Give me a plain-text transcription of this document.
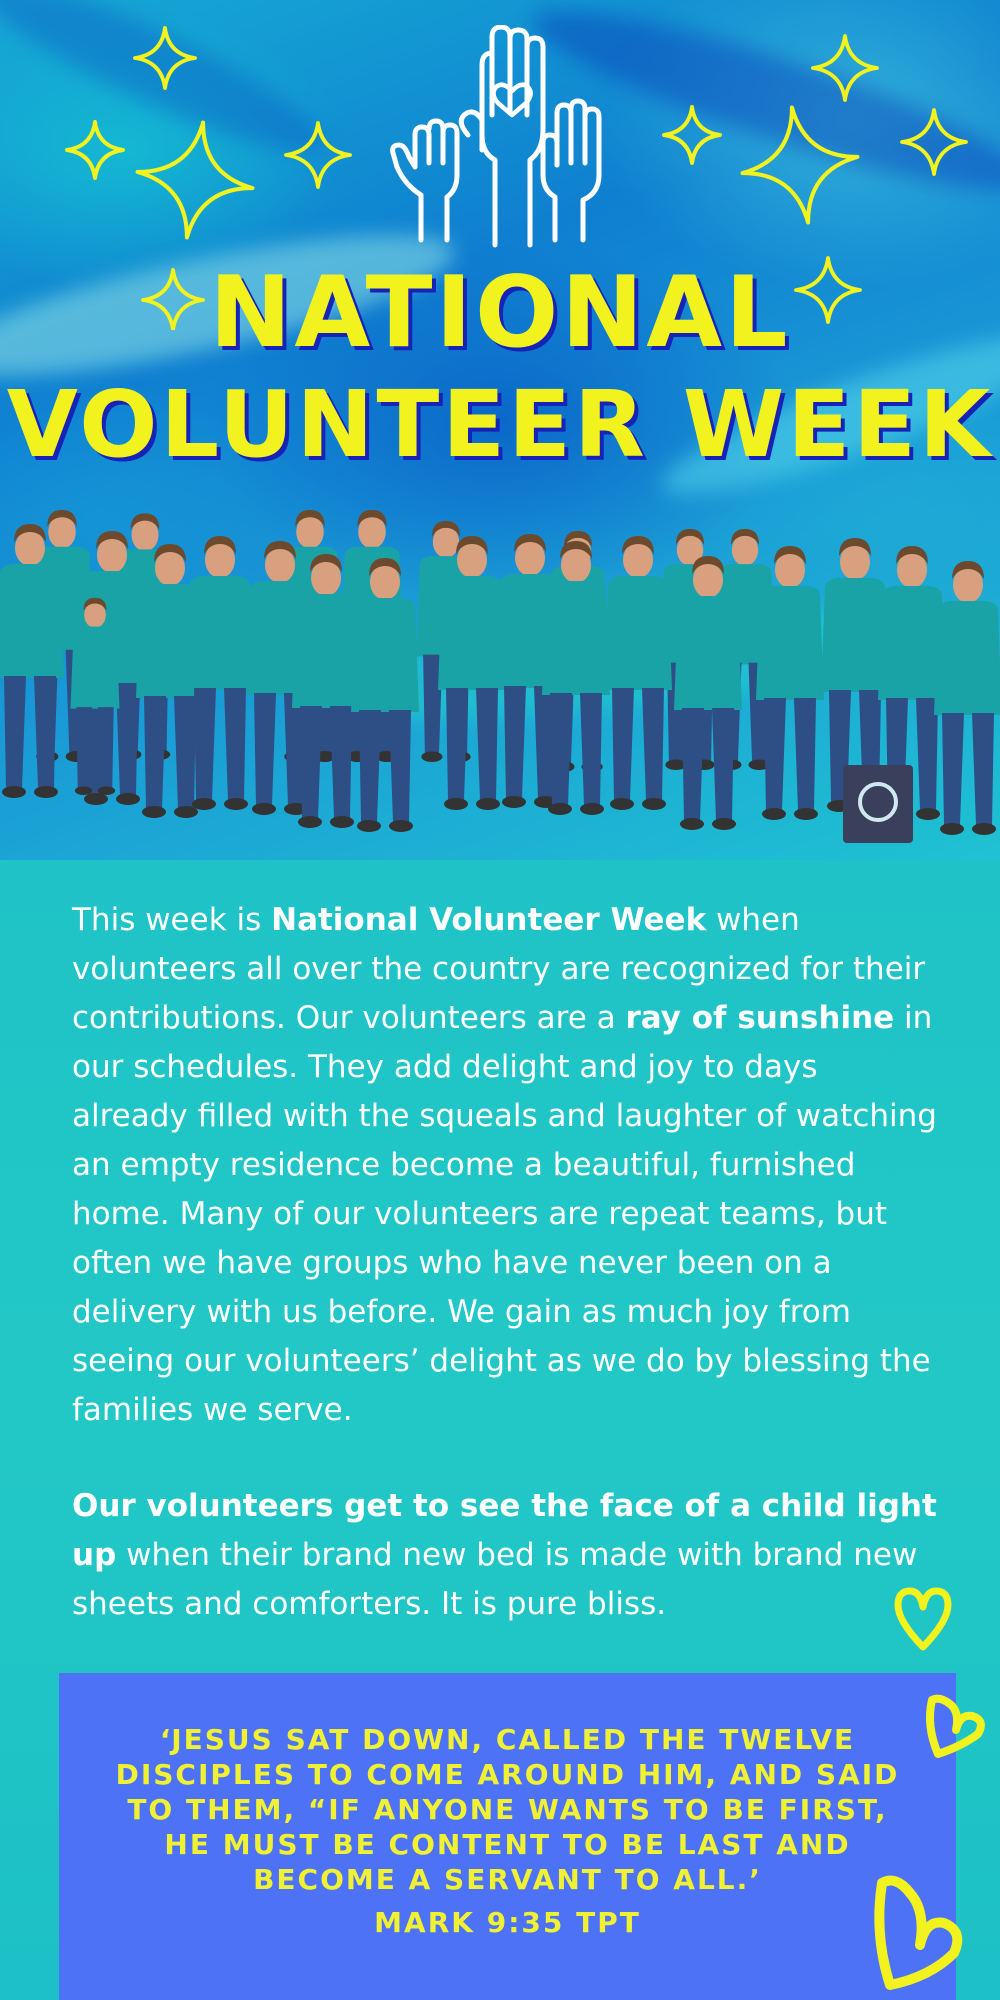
NATIONAL
VOLUNTEER WEEK

This week is National Volunteer Week when volunteers all over the country are recognized for their contributions. Our volunteers are a ray of sunshine in our schedules. They add delight and joy to days already filled with the squeals and laughter of watching an empty residence become a beautiful, furnished home. Many of our volunteers are repeat teams, but often we have groups who have never been on a delivery with us before. We gain as much joy from seeing our volunteers’ delight as we do by blessing the families we serve.

Our volunteers get to see the face of a child light up when their brand new bed is made with brand new sheets and comforters. It is pure bliss.

‘JESUS SAT DOWN, CALLED THE TWELVE DISCIPLES TO COME AROUND HIM, AND SAID TO THEM, “IF ANYONE WANTS TO BE FIRST, HE MUST BE CONTENT TO BE LAST AND BECOME A SERVANT TO ALL.’

MARK 9:35 TPT
